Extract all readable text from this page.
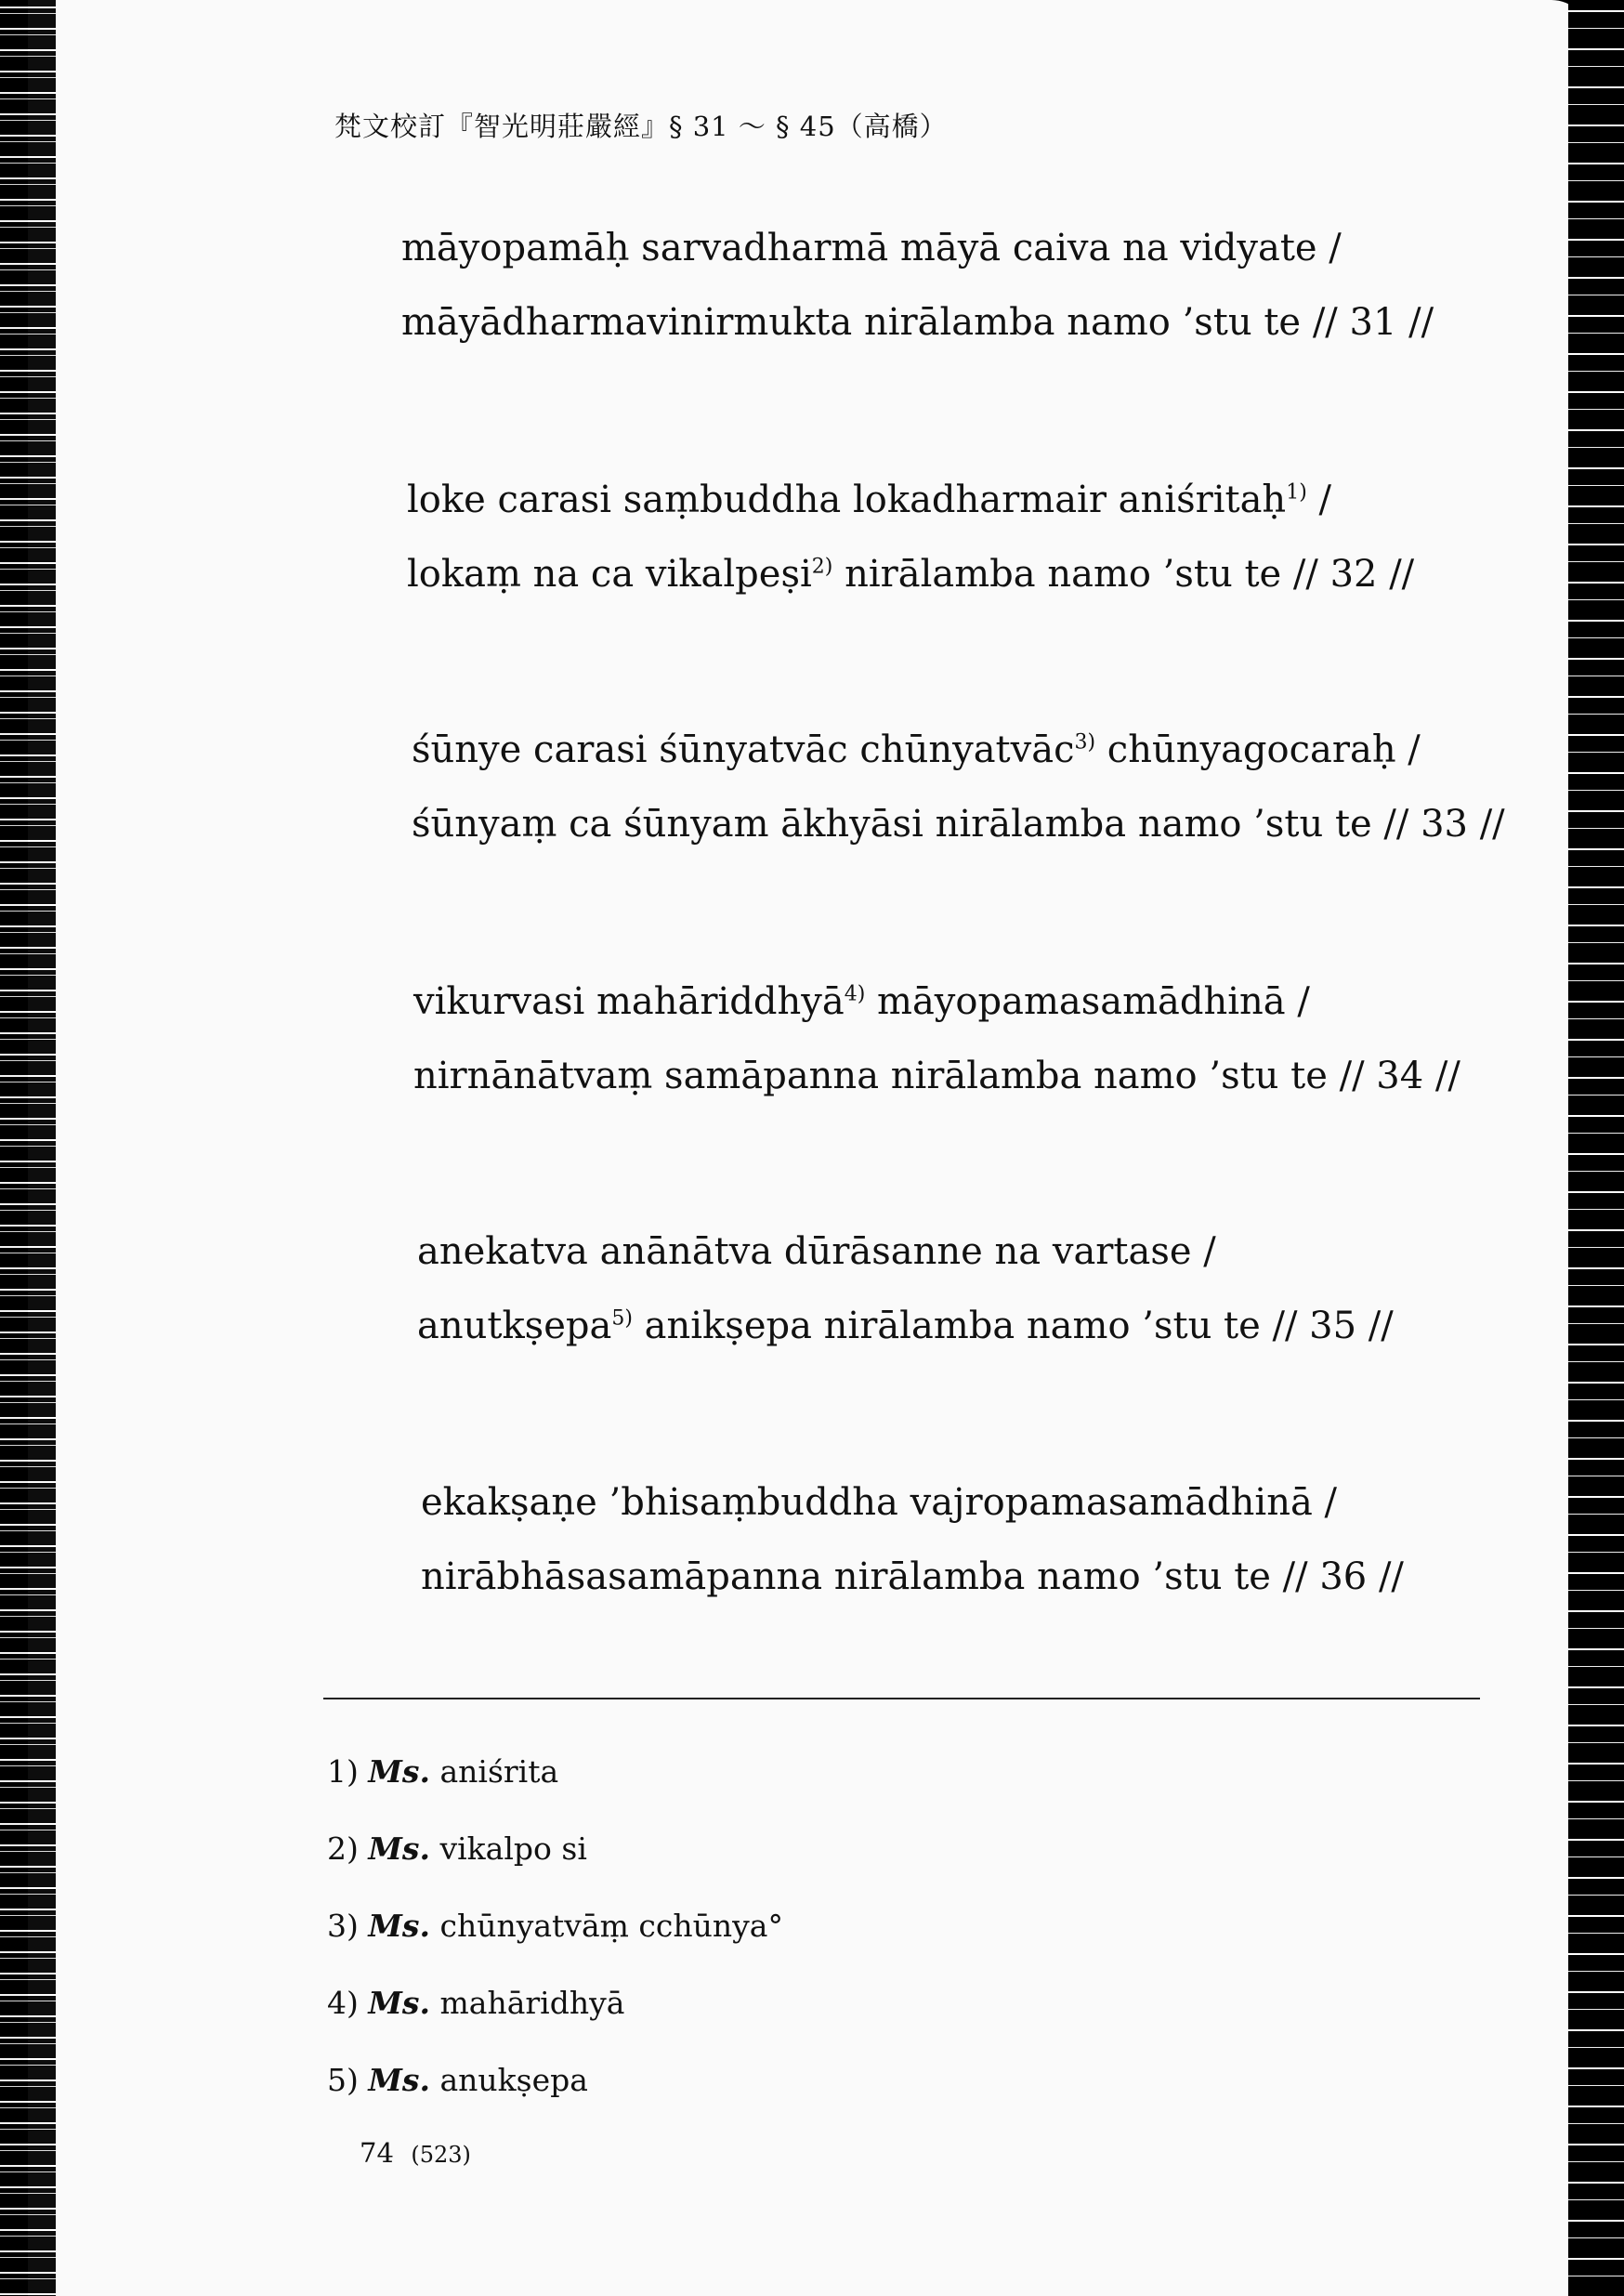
梵文校訂『智光明莊嚴經』§ 31 ～ § 45（高橋）
māyopamāḥ sarvadharmā māyā caiva na vidyate /
māyādharmavinirmukta nirālamba namo ’stu te // 31 //
loke carasi saṃbuddha lokadharmair aniśritaḥ$^{1)}$ /
lokaṃ na ca vikalpeṣi$^{2)}$ nirālamba namo ’stu te // 32 //
śūnye carasi śūnyatvāc chūnyatvāc$^{3)}$ chūnyagocaraḥ /
śūnyaṃ ca śūnyam ākhyāsi nirālamba namo ’stu te // 33 //
vikurvasi mahāriddhyā$^{4)}$ māyopamasamādhinā /
nirnānātvaṃ samāpanna nirālamba namo ’stu te // 34 //
anekatva anānātva dūrāsanne na vartase /
anutkṣepa$^{5)}$ anikṣepa nirālamba namo ’stu te // 35 //
ekakṣaṇe ’bhisaṃbuddha vajropamasamādhinā /
nirābhāsasamāpanna nirālamba namo ’stu te // 36 //
1) Ms. aniśrita
2) Ms. vikalpo si
3) Ms. chūnyatvāṃ cchūnya°
4) Ms. mahāridhyā
5) Ms. anukṣepa
74 (523)
